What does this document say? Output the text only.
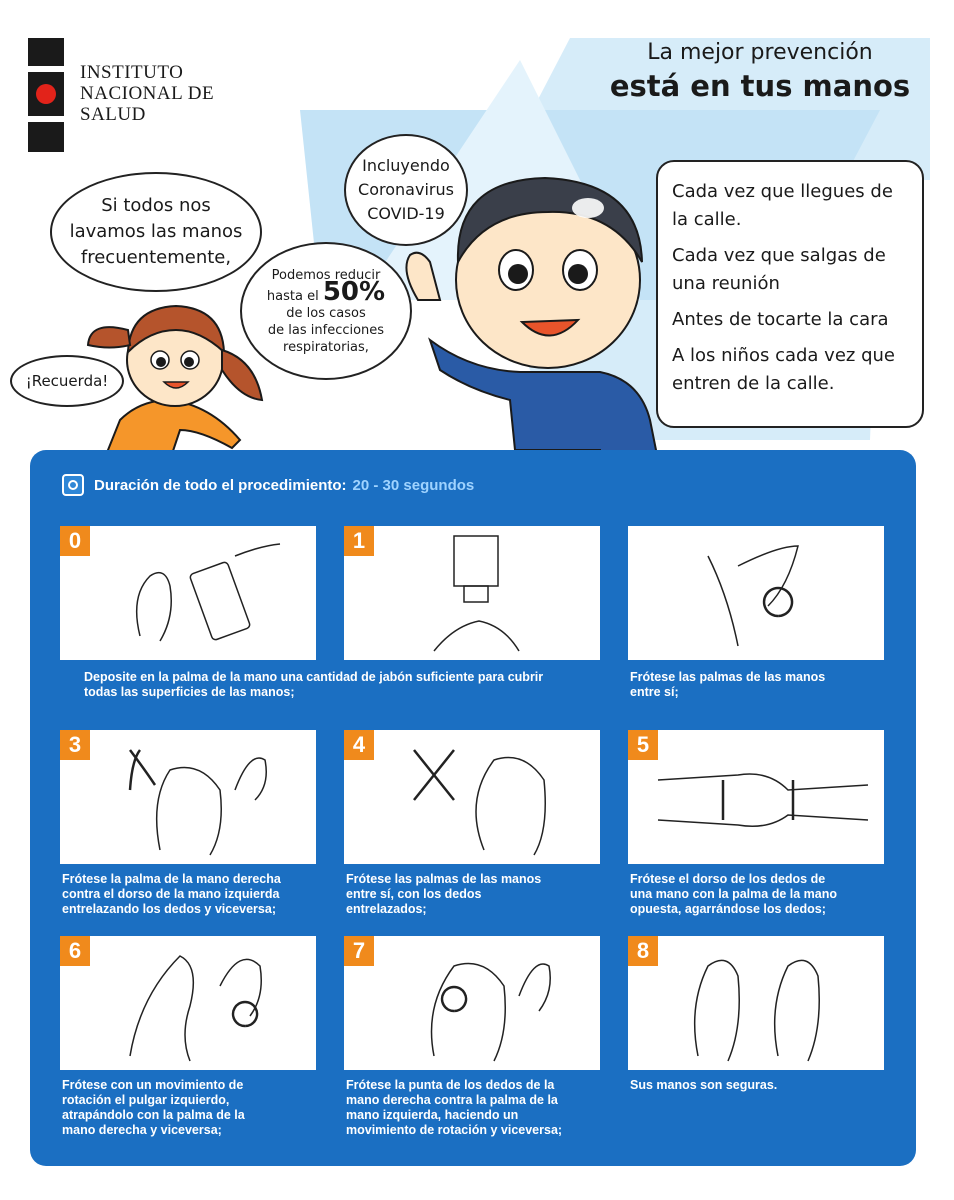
INSTITUTO
NACIONAL DE
SALUD
La mejor prevención
está en tus manos
Si todos nos
lavamos las manos
frecuentemente,
Incluyendo
Coronavirus
COVID-19
Podemos reducir
hasta el 50%
de los casos
de las infecciones
respiratorias,
¡Recuerda!

Cada vez que llegues de la calle.

Cada vez que salgas de una reunión

Antes de tocarte la cara

A los niños cada vez que entren de la calle.

Duración de todo el procedimiento: 20 - 30 segundos
0	1
Deposite en la palma de la mano una cantidad de jabón suficiente para cubrir
todas las superficies de las manos;
Frótese las palmas de las manos
entre sí;
3	4	5
Frótese la palma de la mano derecha
contra el dorso de la mano izquierda
entrelazando los dedos y viceversa;
Frótese las palmas de las manos
entre sí, con los dedos
entrelazados;
Frótese el dorso de los dedos de
una mano con la palma de la mano
opuesta, agarrándose los dedos;
6	7	8
Frótese con un movimiento de
rotación el pulgar izquierdo,
atrapándolo con la palma de la
mano derecha y viceversa;
Frótese la punta de los dedos de la
mano derecha contra la palma de la
mano izquierda, haciendo un
movimiento de rotación y viceversa;
Sus manos son seguras.
